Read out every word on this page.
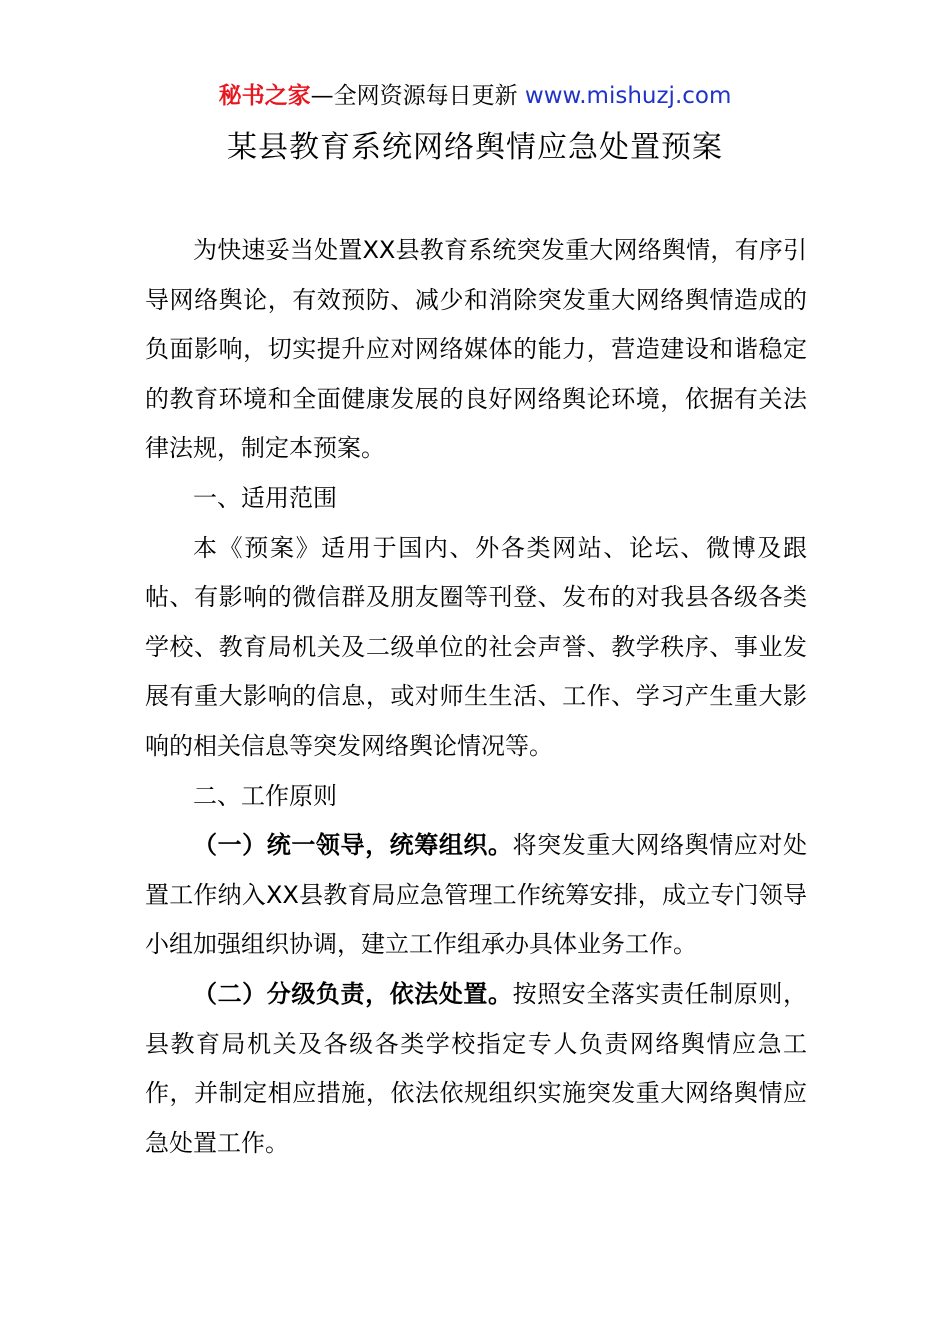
秘书之家—全网资源每日更新 www.mishuzj.com
某县教育系统网络舆情应急处置预案

为快速妥当处置XX县教育系统突发重大网络舆情，有序引导网络舆论，有效预防、减少和消除突发重大网络舆情造成的负面影响，切实提升应对网络媒体的能力，营造建设和谐稳定的教育环境和全面健康发展的良好网络舆论环境，依据有关法律法规，制定本预案。

一、适用范围

本《预案》适用于国内、外各类网站、论坛、微博及跟帖、有影响的微信群及朋友圈等刊登、发布的对我县各级各类学校、教育局机关及二级单位的社会声誉、教学秩序、事业发展有重大影响的信息，或对师生生活、工作、学习产生重大影响的相关信息等突发网络舆论情况等。

二、工作原则

（一）统一领导，统筹组织。将突发重大网络舆情应对处置工作纳入XX县教育局应急管理工作统筹安排，成立专门领导小组加强组织协调，建立工作组承办具体业务工作。

（二）分级负责，依法处置。按照安全落实责任制原则，县教育局机关及各级各类学校指定专人负责网络舆情应急工作，并制定相应措施，依法依规组织实施突发重大网络舆情应急处置工作。
